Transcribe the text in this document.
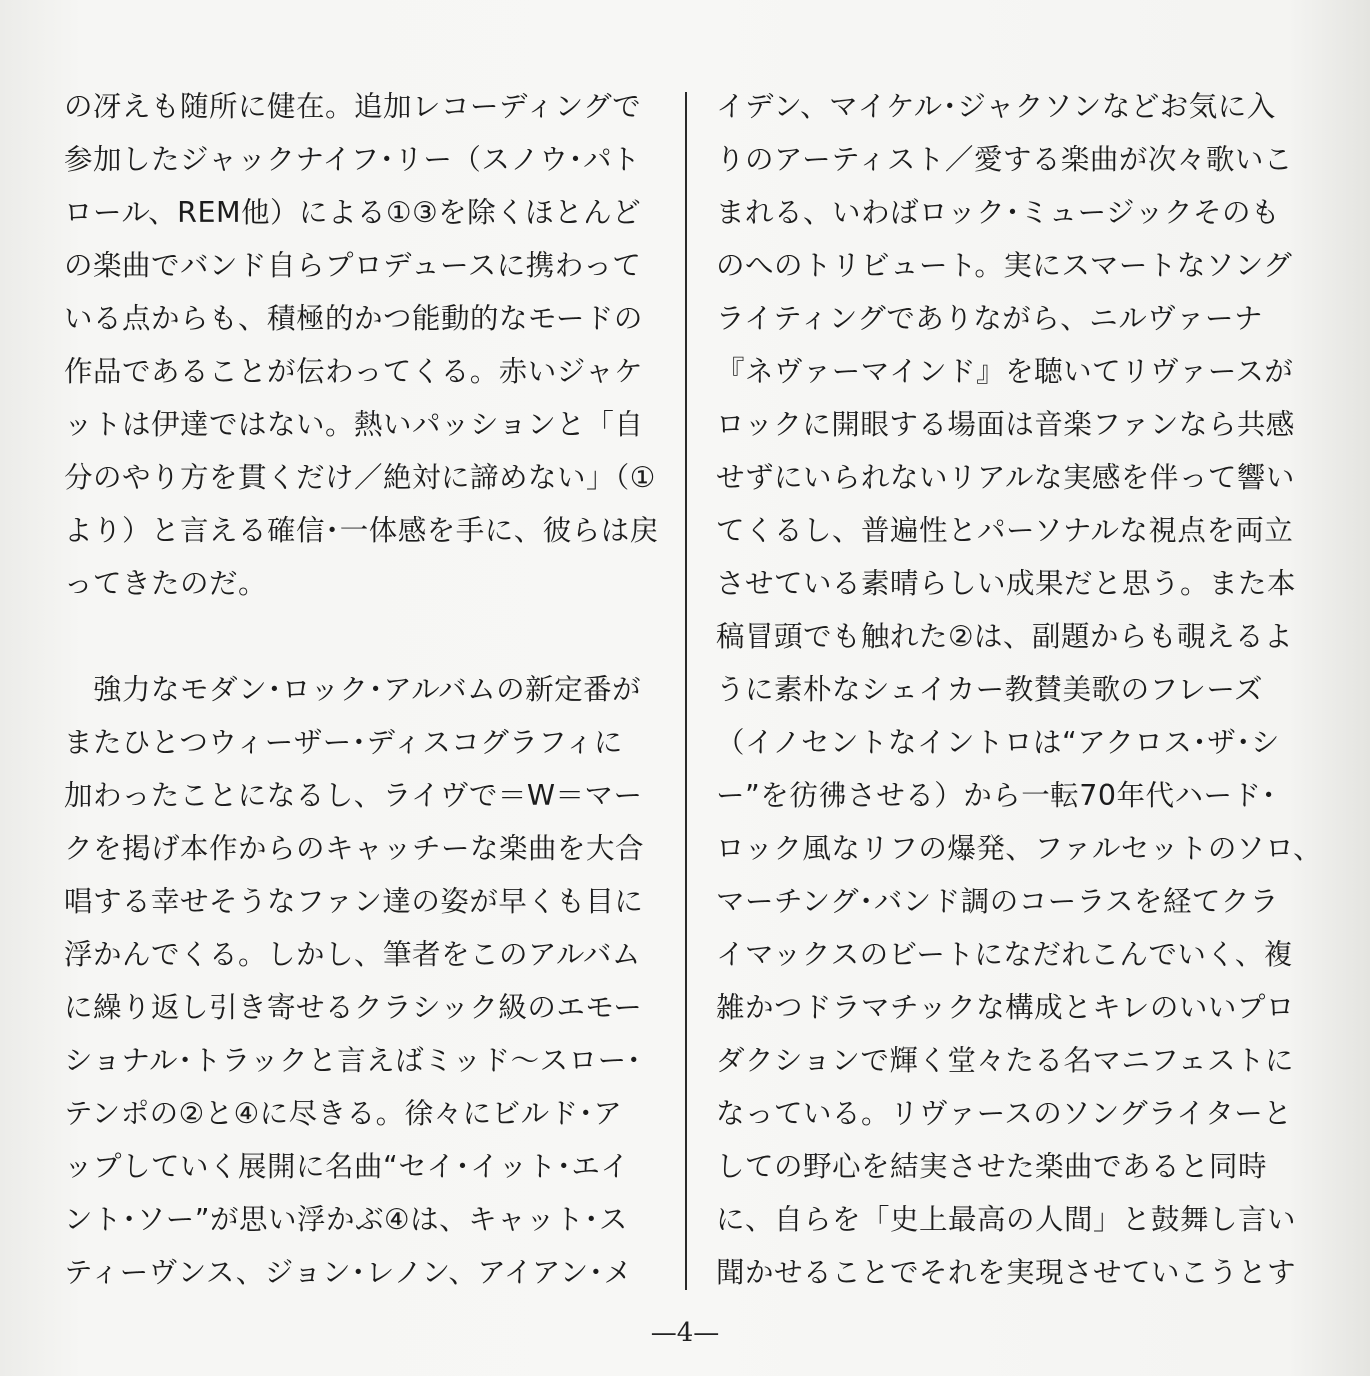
の冴えも随所に健在。追加レコーディングで
参加したジャックナイフ･リー（スノウ･パト
ロール、REM他）による①③を除くほとんど
の楽曲でバンド自らプロデュースに携わって
いる点からも、積極的かつ能動的なモードの
作品であることが伝わってくる。赤いジャケ
ットは伊達ではない。熱いパッションと「自
分のやり方を貫くだけ／絶対に諦めない」（①
より）と言える確信･一体感を手に、彼らは戻
ってきたのだ。
　強力なモダン･ロック･アルバムの新定番が
またひとつウィーザー･ディスコグラフィに
加わったことになるし、ライヴで＝W＝マー
クを掲げ本作からのキャッチーな楽曲を大合
唱する幸せそうなファン達の姿が早くも目に
浮かんでくる。しかし、筆者をこのアルバム
に繰り返し引き寄せるクラシック級のエモー
ショナル･トラックと言えばミッド～スロー･
テンポの②と④に尽きる。徐々にビルド･ア
ップしていく展開に名曲“セイ･イット･エイ
ント･ソー”が思い浮かぶ④は、キャット･ス
ティーヴンス、ジョン･レノン、アイアン･メ
イデン、マイケル･ジャクソンなどお気に入
りのアーティスト／愛する楽曲が次々歌いこ
まれる、いわばロック･ミュージックそのも
のへのトリビュート。実にスマートなソング
ライティングでありながら、ニルヴァーナ
『ネヴァーマインド』を聴いてリヴァースが
ロックに開眼する場面は音楽ファンなら共感
せずにいられないリアルな実感を伴って響い
てくるし、普遍性とパーソナルな視点を両立
させている素晴らしい成果だと思う。また本
稿冒頭でも触れた②は、副題からも覗えるよ
うに素朴なシェイカー教賛美歌のフレーズ
（イノセントなイントロは“アクロス･ザ･シ
ー”を彷彿させる）から一転70年代ハード･
ロック風なリフの爆発、ファルセットのソロ、
マーチング･バンド調のコーラスを経てクラ
イマックスのビートになだれこんでいく、複
雑かつドラマチックな構成とキレのいいプロ
ダクションで輝く堂々たる名マニフェストに
なっている。リヴァースのソングライターと
しての野心を結実させた楽曲であると同時
に、自らを「史上最高の人間」と鼓舞し言い
聞かせることでそれを実現させていこうとす
—4—
